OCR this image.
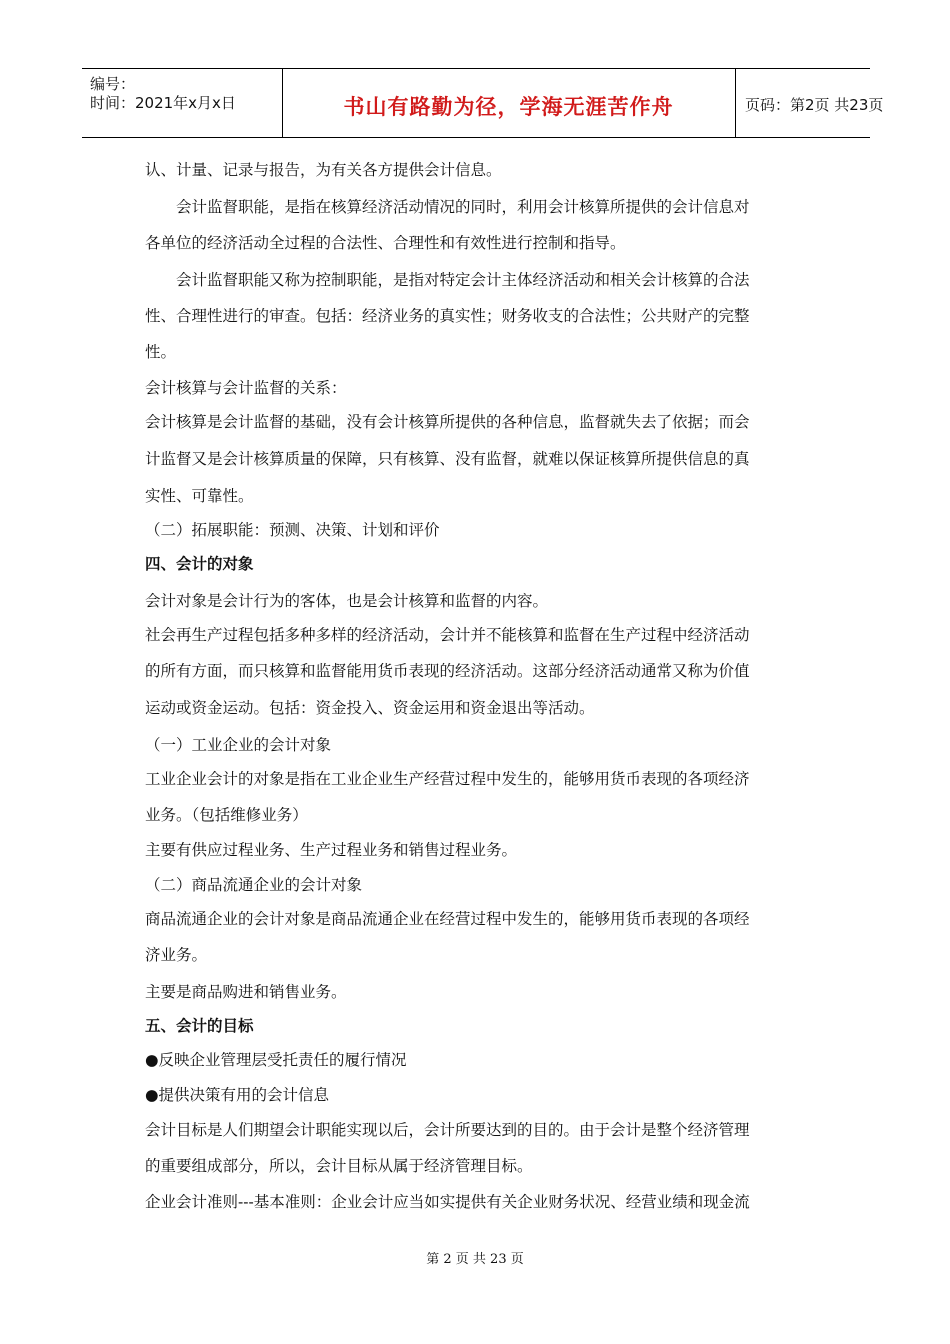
编号：
时间：2021年x月x日	书山有路勤为径，学海无涯苦作舟	页码：第2页 共23页
认、计量、记录与报告，为有关各方提供会计信息。
会计监督职能，是指在核算经济活动情况的同时，利用会计核算所提供的会计信息对
各单位的经济活动全过程的合法性、合理性和有效性进行控制和指导。
会计监督职能又称为控制职能，是指对特定会计主体经济活动和相关会计核算的合法
性、合理性进行的审查。包括：经济业务的真实性；财务收支的合法性；公共财产的完整
性。
会计核算与会计监督的关系：
会计核算是会计监督的基础，没有会计核算所提供的各种信息，监督就失去了依据；而会
计监督又是会计核算质量的保障，只有核算、没有监督，就难以保证核算所提供信息的真
实性、可靠性。
（二）拓展职能：预测、决策、计划和评价
四、会计的对象
会计对象是会计行为的客体，也是会计核算和监督的内容。
社会再生产过程包括多种多样的经济活动，会计并不能核算和监督在生产过程中经济活动
的所有方面，而只核算和监督能用货币表现的经济活动。这部分经济活动通常又称为价值
运动或资金运动。包括：资金投入、资金运用和资金退出等活动。
（一）工业企业的会计对象
工业企业会计的对象是指在工业企业生产经营过程中发生的，能够用货币表现的各项经济
业务。（包括维修业务）
主要有供应过程业务、生产过程业务和销售过程业务。
（二）商品流通企业的会计对象
商品流通企业的会计对象是商品流通企业在经营过程中发生的，能够用货币表现的各项经
济业务。
主要是商品购进和销售业务。
五、会计的目标
●反映企业管理层受托责任的履行情况
●提供决策有用的会计信息
会计目标是人们期望会计职能实现以后，会计所要达到的目的。由于会计是整个经济管理
的重要组成部分，所以，会计目标从属于经济管理目标。
企业会计准则---基本准则：企业会计应当如实提供有关企业财务状况、经营业绩和现金流
第 2 页 共 23 页
